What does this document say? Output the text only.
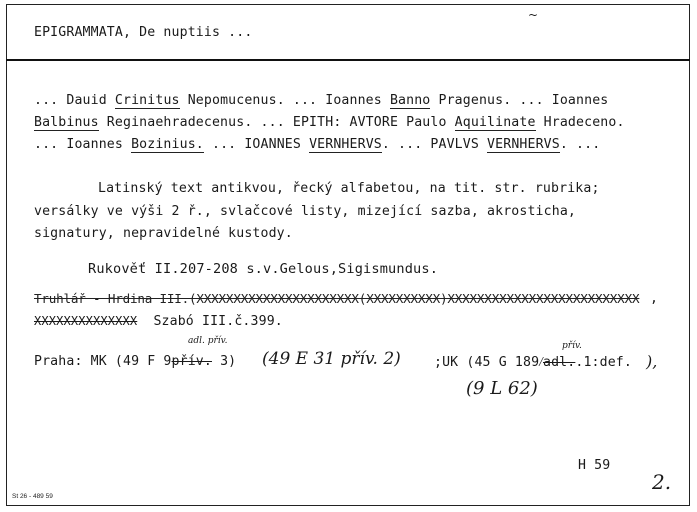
EPIGRAMMATA, De nuptiis ...
~
... Dauid Crinitus Nepomucenus. ... Ioannes Banno Pragenus. ... Ioannes
Balbinus Reginaehradecenus. ... EPITH: AVTORE Paulo Aquilinate Hradeceno.
... Ioannes Bozinius. ... IOANNES VERNHERVS. ... PAVLVS VERNHERVS. ...
Latinský text antikvou, řecký alfabetou, na tit. str. rubrika;
versálky ve výši 2 ř., svlačcové listy, mizející sazba, akrosticha,
signatury, nepravidelné kustody.
Rukověť II.207-208 s.v.Gelous,Sigismundus.
Truhlář - Hrdina III.(XXXXXXXXXXXXXXXXXXXXXX(XXXXXXXXXX)XXXXXXXXXXXXXXXXXXXXXXXXXX ,
XXXXXXXXXXXXXX Szabó III.č.399.
adl. přív.
Praha: MK (49 F 9přív. 3) (49 E 31 přív. 2)	;UK (45 G 189/adl..1:def.
přív.
),
(9 L 62)
H 59
2.
St 26 - 489 59
